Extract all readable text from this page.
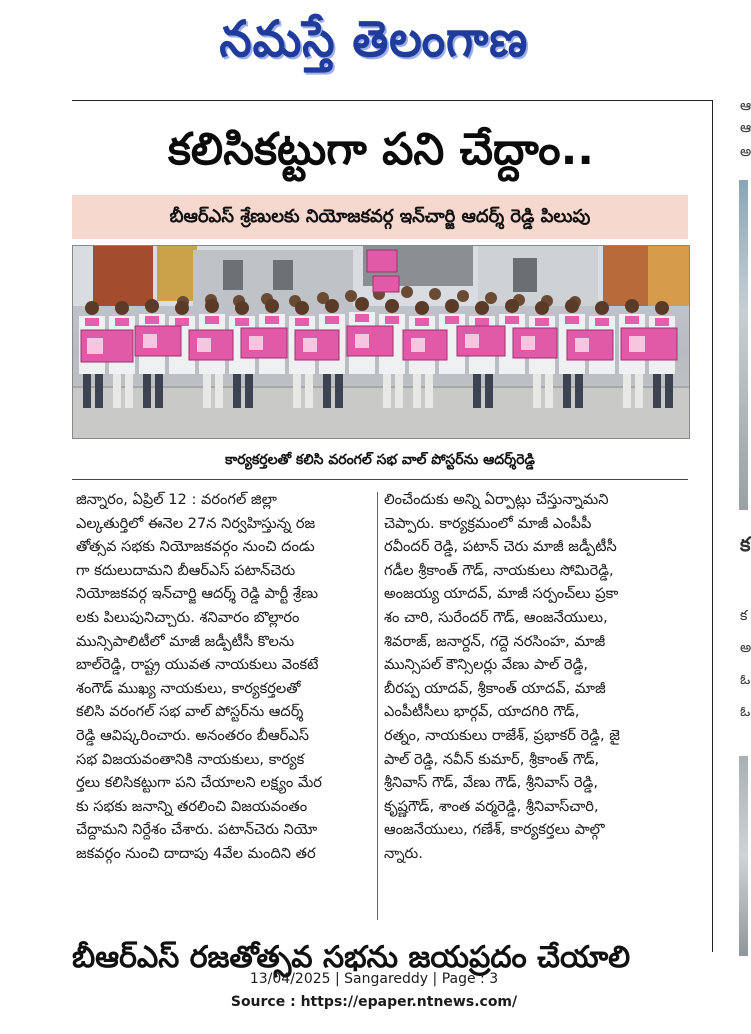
నమస్తే తెలంగాణ
ఆ
ఆ
అ
క
క
అ
ఓ
ఓ
కలిసికట్టుగా పని చేద్దాం..
బీఆర్ఎస్ శ్రేణులకు నియోజకవర్గ ఇన్‌చార్జి ఆదర్శ్ రెడ్డి పిలుపు
కార్యకర్తలతో కలిసి వరంగల్ సభ వాల్ పోస్టర్‌ను ఆదర్శ్‌రెడ్డి
జిన్నారం, ఏప్రిల్ 12 : వరంగల్ జిల్లా
ఎల్కతుర్తిలో ఈనెల 27న నిర్వహిస్తున్న రజ
తోత్సవ సభకు నియోజకవర్గం నుంచి దండు
గా కదులుదామని బీఆర్ఎస్ పటాన్‌చెరు
నియోజకవర్గ ఇన్‌చార్జి ఆదర్శ్ రెడ్డి పార్టీ శ్రేణు
లకు పిలుపునిచ్చారు. శనివారం బొల్లారం
మున్సిపాలిటీలో మాజీ జడ్పీటీసీ కొలను
బాల్‌రెడ్డి, రాష్ట్ర యువత నాయకులు వెంకటే
శంగౌడ్ ముఖ్య నాయకులు, కార్యకర్తలతో
కలిసి వరంగల్ సభ వాల్ పోస్టర్‌ను ఆదర్శ్
రెడ్డి ఆవిష్కరించారు. అనంతరం బీఆర్ఎస్
సభ విజయవంతానికి నాయకులు, కార్యక
ర్తలు కలిసికట్టుగా పని చేయాలని లక్ష్యం మేర
కు సభకు జనాన్ని తరలించి విజయవంతం
చేద్దామని నిర్దేశం చేశారు. పటాన్‌చెరు నియో
జకవర్గం నుంచి దాదాపు 4వేల మందిని తర
లించేందుకు అన్ని ఏర్పాట్లు చేస్తున్నామని
చెప్పారు. కార్యక్రమంలో మాజీ ఎంపీపీ
రవీందర్ రెడ్డి, పటాన్ చెరు మాజీ జడ్పీటీసీ
గడీల శ్రీకాంత్ గౌడ్, నాయకులు సోమిరెడ్డి,
అంజయ్య యాదవ్, మాజీ సర్పంచ్‌లు ప్రకా
శం చారి, సురేందర్ గౌడ్, ఆంజనేయులు,
శివరాజ్, జనార్దన్, గద్దె నరసింహ, మాజీ
మున్సిపల్ కౌన్సిలర్లు వేణు పాల్ రెడ్డి,
బీరప్ప యాదవ్, శ్రీకాంత్ యాదవ్, మాజీ
ఎంపీటీసీలు భార్గవ్, యాదగిరి గౌడ్,
రత్నం, నాయకులు రాజేశ్, ప్రభాకర్ రెడ్డి, జై
పాల్ రెడ్డి, నవీన్ కుమార్, శ్రీకాంత్ గౌడ్,
శ్రీనివాస్ గౌడ్, వేణు గౌడ్, శ్రీనివాస్ రెడ్డి,
కృష్ణగౌడ్, శాంత వర్మరెడ్డి, శ్రీనివాస్‌చారి,
ఆంజనేయులు, గణేశ్, కార్యకర్తలు పాల్గొ
న్నారు.
బీఆర్ఎస్ రజతోత్సవ సభను జయప్రదం చేయాలి
13/04/2025 | Sangareddy | Page : 3
Source : https://epaper.ntnews.com/
